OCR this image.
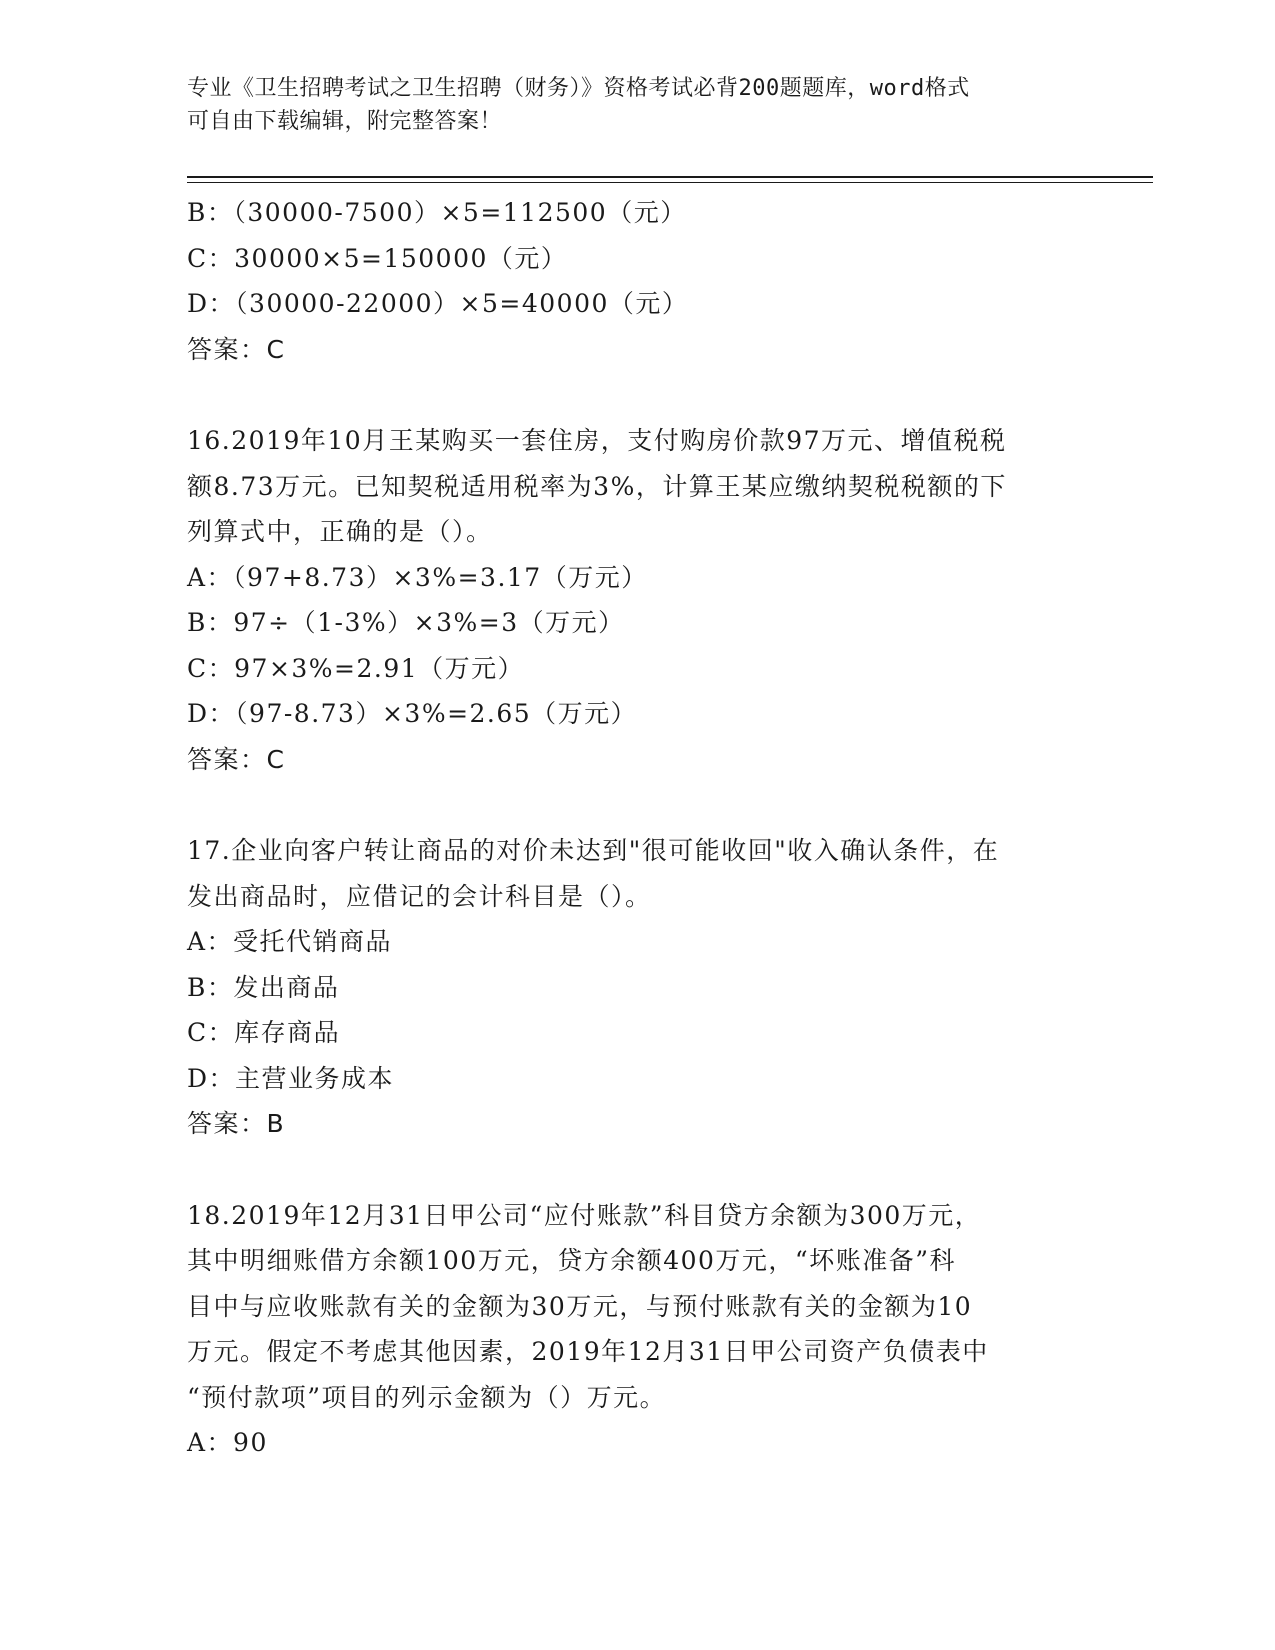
专业《卫生招聘考试之卫生招聘（财务）》资格考试必背200题题库，word格式
可自由下载编辑，附完整答案！
B：（30000-7500）×5=112500（元）
C：30000×5=150000（元）
D：（30000-22000）×5=40000（元）
答案：C
16.2019年10月王某购买一套住房，支付购房价款97万元、增值税税
额8.73万元。已知契税适用税率为3%，计算王某应缴纳契税税额的下
列算式中，正确的是（）。
A：（97+8.73）×3%=3.17（万元）
B：97÷（1-3%）×3%=3（万元）
C：97×3%=2.91（万元）
D：（97-8.73）×3%=2.65（万元）
答案：C
17.企业向客户转让商品的对价未达到"很可能收回"收入确认条件，在
发出商品时，应借记的会计科目是（）。
A：受托代销商品
B：发出商品
C：库存商品
D：主营业务成本
答案：B
18.2019年12月31日甲公司“应付账款”科目贷方余额为300万元，
其中明细账借方余额100万元，贷方余额400万元，“坏账准备”科
目中与应收账款有关的金额为30万元，与预付账款有关的金额为10
万元。假定不考虑其他因素，2019年12月31日甲公司资产负债表中
“预付款项”项目的列示金额为（）万元。
A：90
